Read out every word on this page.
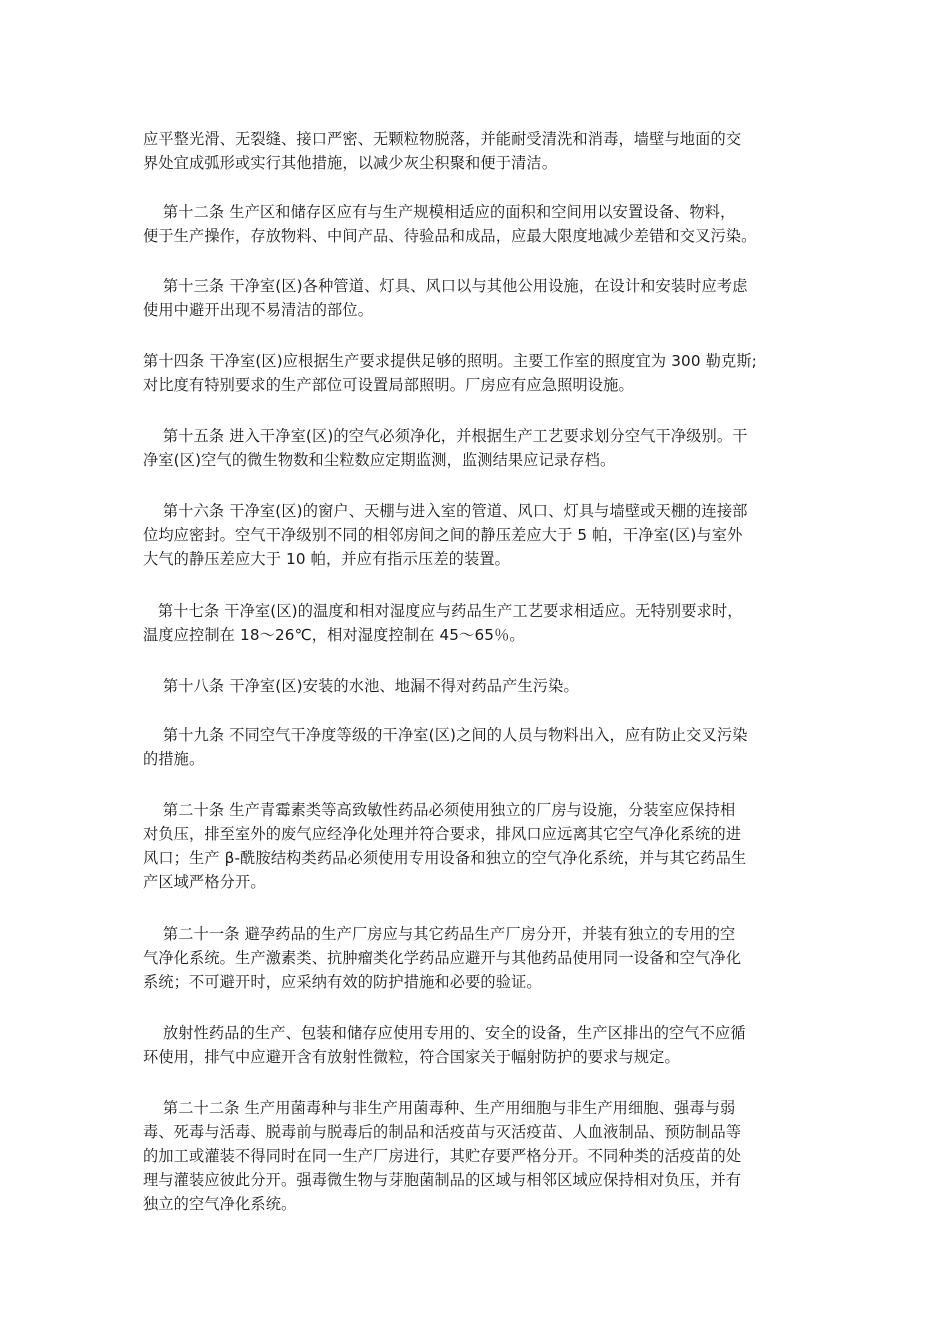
应平整光滑、无裂缝、接口严密、无颗粒物脱落，并能耐受清洗和消毒，墙壁与地面的交
界处宜成弧形或实行其他措施，以减少灰尘积聚和便于清洁。

第十二条 生产区和储存区应有与生产规模相适应的面积和空间用以安置设备、物料，
便于生产操作，存放物料、中间产品、待验品和成品，应最大限度地减少差错和交叉污染。

第十三条 干净室(区)各种管道、灯具、风口以与其他公用设施，在设计和安装时应考虑
使用中避开出现不易清洁的部位。

第十四条 干净室(区)应根据生产要求提供足够的照明。主要工作室的照度宜为 300 勒克斯;
对比度有特别要求的生产部位可设置局部照明。厂房应有应急照明设施。

第十五条 进入干净室(区)的空气必须净化，并根据生产工艺要求划分空气干净级别。干
净室(区)空气的微生物数和尘粒数应定期监测，监测结果应记录存档。

第十六条 干净室(区)的窗户、天棚与进入室的管道、风口、灯具与墙壁或天棚的连接部
位均应密封。空气干净级别不同的相邻房间之间的静压差应大于 5 帕，干净室(区)与室外
大气的静压差应大于 10 帕，并应有指示压差的装置。

第十七条 干净室(区)的温度和相对湿度应与药品生产工艺要求相适应。无特别要求时，
温度应控制在 18～26℃，相对湿度控制在 45～65％。

第十八条 干净室(区)安装的水池、地漏不得对药品产生污染。

第十九条 不同空气干净度等级的干净室(区)之间的人员与物料出入，应有防止交叉污染
的措施。

第二十条 生产青霉素类等高致敏性药品必须使用独立的厂房与设施，分装室应保持相
对负压，排至室外的废气应经净化处理并符合要求，排风口应远离其它空气净化系统的进
风口；生产 β-酰胺结构类药品必须使用专用设备和独立的空气净化系统，并与其它药品生
产区域严格分开。

第二十一条 避孕药品的生产厂房应与其它药品生产厂房分开，并装有独立的专用的空
气净化系统。生产激素类、抗肿瘤类化学药品应避开与其他药品使用同一设备和空气净化
系统；不可避开时，应采纳有效的防护措施和必要的验证。

放射性药品的生产、包装和储存应使用专用的、安全的设备，生产区排出的空气不应循
环使用，排气中应避开含有放射性微粒，符合国家关于幅射防护的要求与规定。

第二十二条 生产用菌毒种与非生产用菌毒种、生产用细胞与非生产用细胞、强毒与弱
毒、死毒与活毒、脱毒前与脱毒后的制品和活疫苗与灭活疫苗、人血液制品、预防制品等
的加工或灌装不得同时在同一生产厂房进行，其贮存要严格分开。不同种类的活疫苗的处
理与灌装应彼此分开。强毒微生物与芽胞菌制品的区域与相邻区域应保持相对负压，并有
独立的空气净化系统。
